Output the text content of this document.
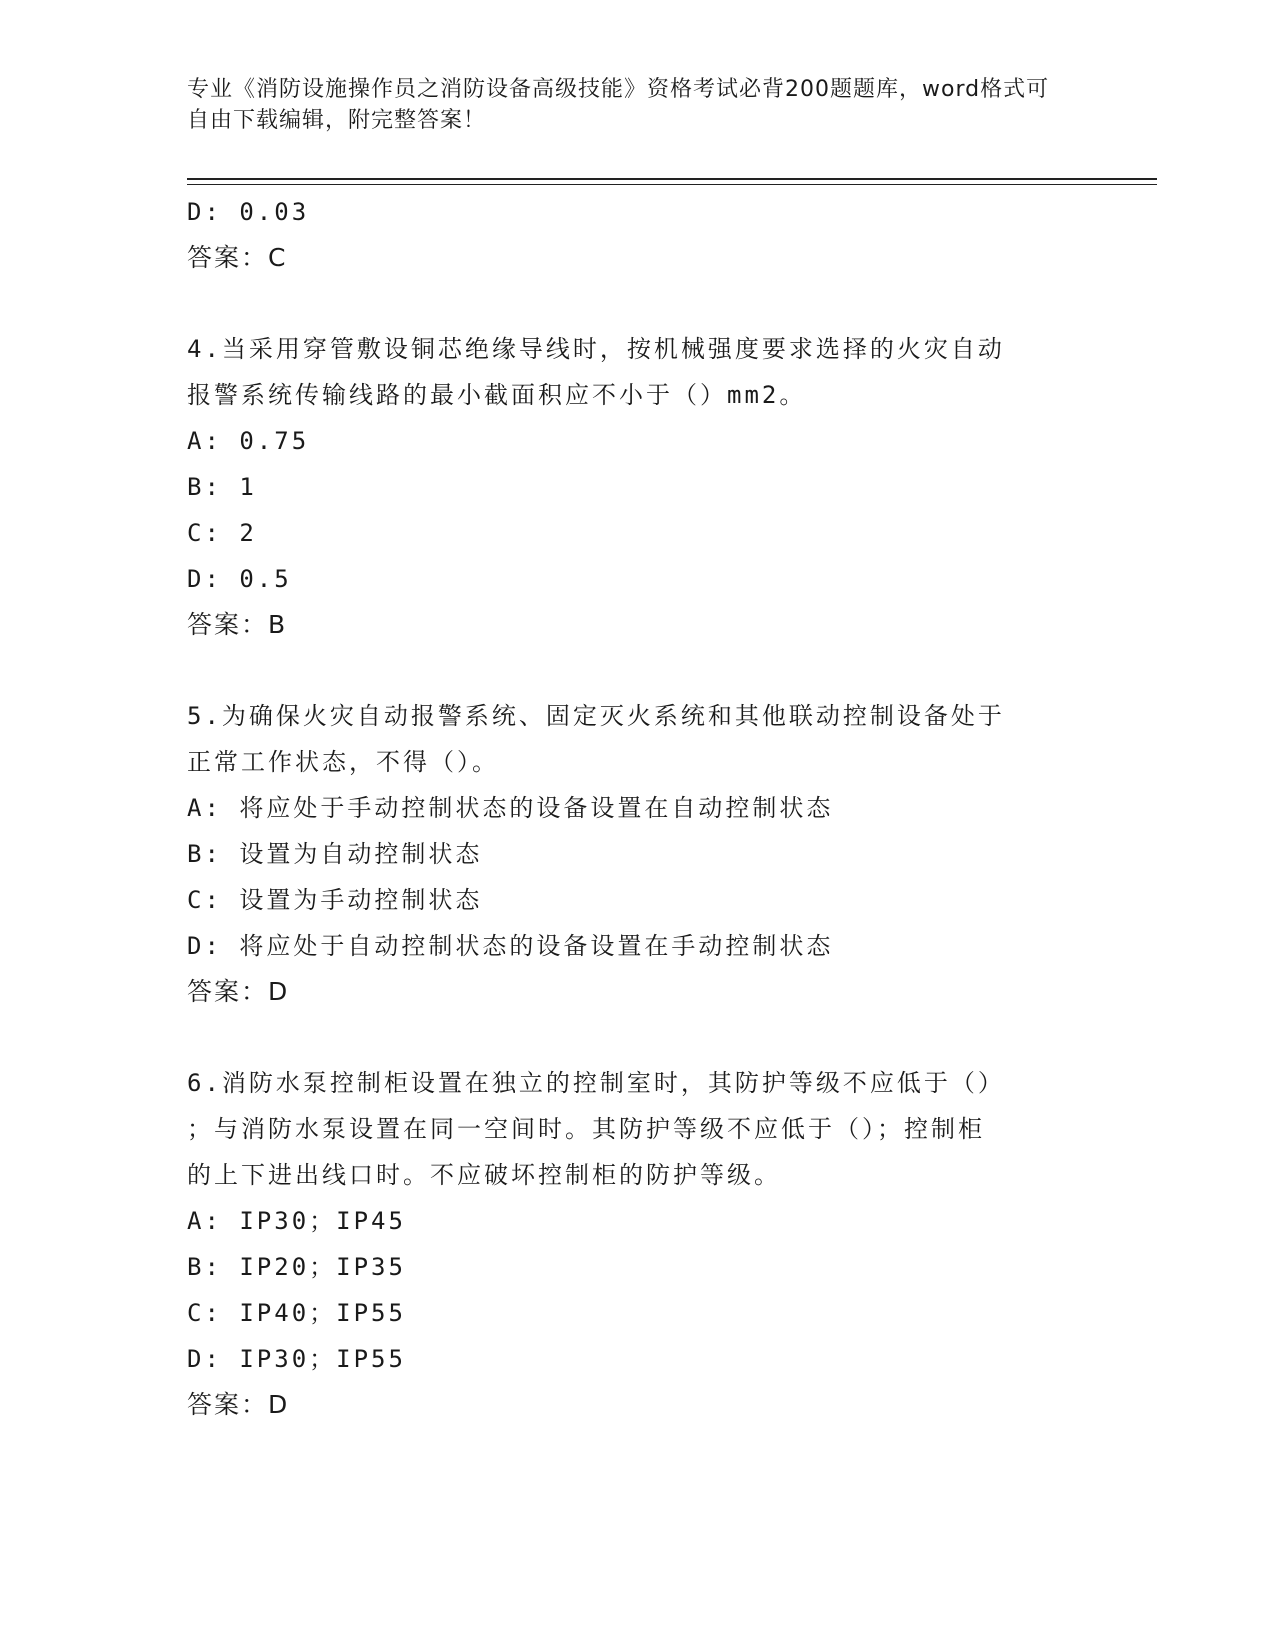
专业《消防设施操作员之消防设备高级技能》资格考试必背200题题库，word格式可自由下载编辑，附完整答案！
D: 0.03
答案：C
4.当采用穿管敷设铜芯绝缘导线时，按机械强度要求选择的火灾自动
报警系统传输线路的最小截面积应不小于（）mm2。
A: 0.75
B: 1
C: 2
D: 0.5
答案：B
5.为确保火灾自动报警系统、固定灭火系统和其他联动控制设备处于
正常工作状态，不得（）。
A: 将应处于手动控制状态的设备设置在自动控制状态
B: 设置为自动控制状态
C: 设置为手动控制状态
D: 将应处于自动控制状态的设备设置在手动控制状态
答案：D
6.消防水泵控制柜设置在独立的控制室时，其防护等级不应低于（）
；与消防水泵设置在同一空间时。其防护等级不应低于（）；控制柜
的上下进出线口时。不应破坏控制柜的防护等级。
A: IP30；IP45
B: IP20；IP35
C: IP40；IP55
D: IP30；IP55
答案：D
